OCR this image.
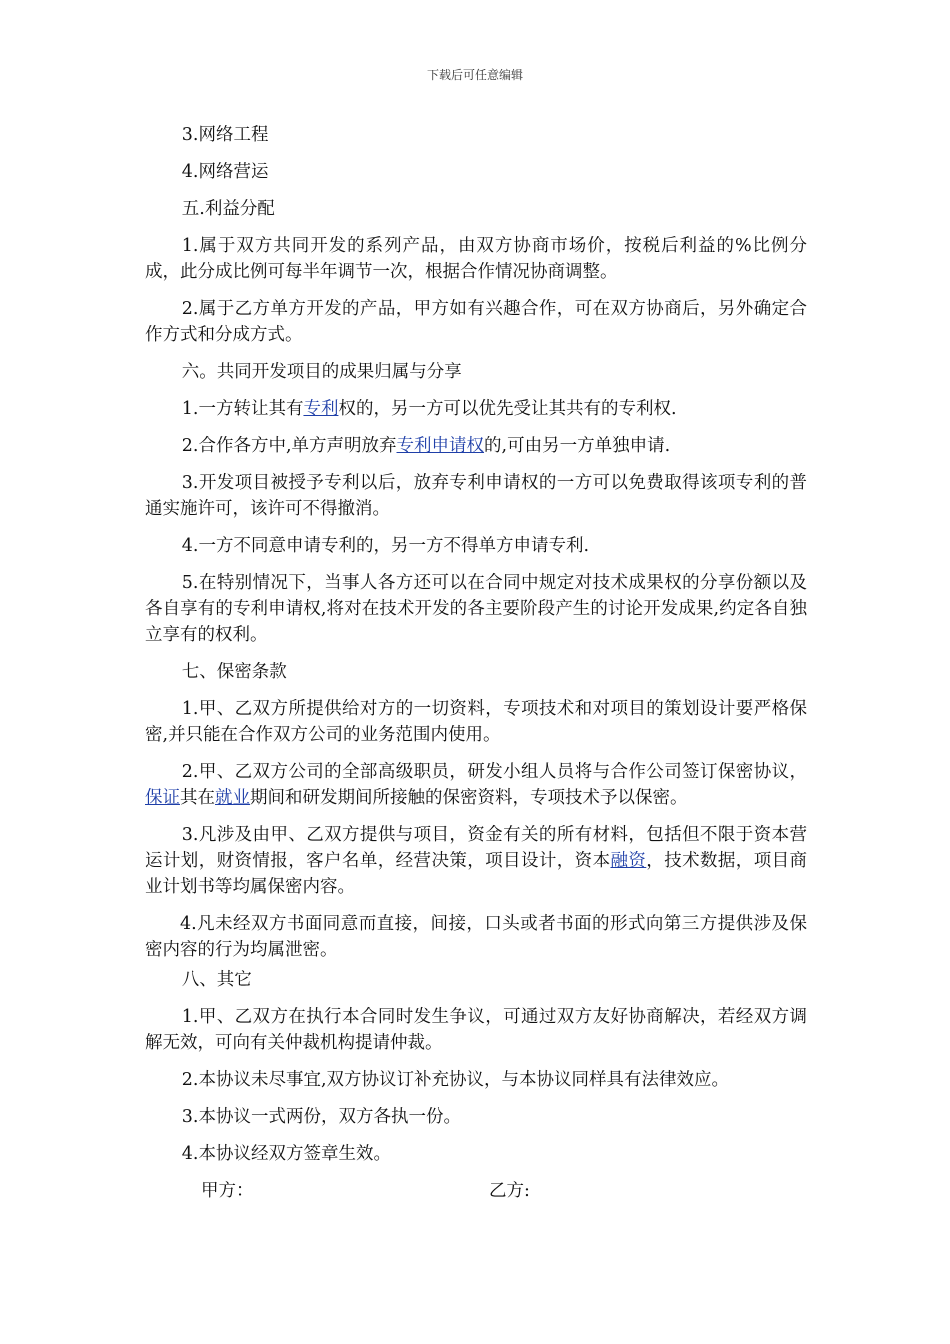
下载后可任意编辑

3.网络工程

4.网络营运

五.利益分配

1.属于双方共同开发的系列产品，由双方协商市场价，按税后利益的%比例分成，此分成比例可每半年调节一次，根据合作情况协商调整。

2.属于乙方单方开发的产品，甲方如有兴趣合作，可在双方协商后，另外确定合作方式和分成方式。

六。共同开发项目的成果归属与分享

1.一方转让其有专利权的，另一方可以优先受让其共有的专利权.

2.合作各方中,单方声明放弃专利申请权的,可由另一方单独申请.

3.开发项目被授予专利以后，放弃专利申请权的一方可以免费取得该项专利的普通实施许可，该许可不得撤消。

4.一方不同意申请专利的，另一方不得单方申请专利.

5.在特别情况下，当事人各方还可以在合同中规定对技术成果权的分享份额以及各自享有的专利申请权,将对在技术开发的各主要阶段产生的讨论开发成果,约定各自独立享有的权利。

七、保密条款

1.甲、乙双方所提供给对方的一切资料，专项技术和对项目的策划设计要严格保密,并只能在合作双方公司的业务范围内使用。

2.甲、乙双方公司的全部高级职员，研发小组人员将与合作公司签订保密协议，保证其在就业期间和研发期间所接触的保密资料，专项技术予以保密。

3.凡涉及由甲、乙双方提供与项目，资金有关的所有材料，包括但不限于资本营运计划，财资情报，客户名单，经营决策，项目设计，资本融资，技术数据，项目商业计划书等均属保密内容。

4.凡未经双方书面同意而直接，间接，口头或者书面的形式向第三方提供涉及保密内容的行为均属泄密。

八、其它

1.甲、乙双方在执行本合同时发生争议，可通过双方友好协商解决，若经双方调解无效，可向有关仲裁机构提请仲裁。

2.本协议未尽事宜,双方协议订补充协议，与本协议同样具有法律效应。

3.本协议一式两份，双方各执一份。

4.本协议经双方签章生效。

甲方：	乙方:
